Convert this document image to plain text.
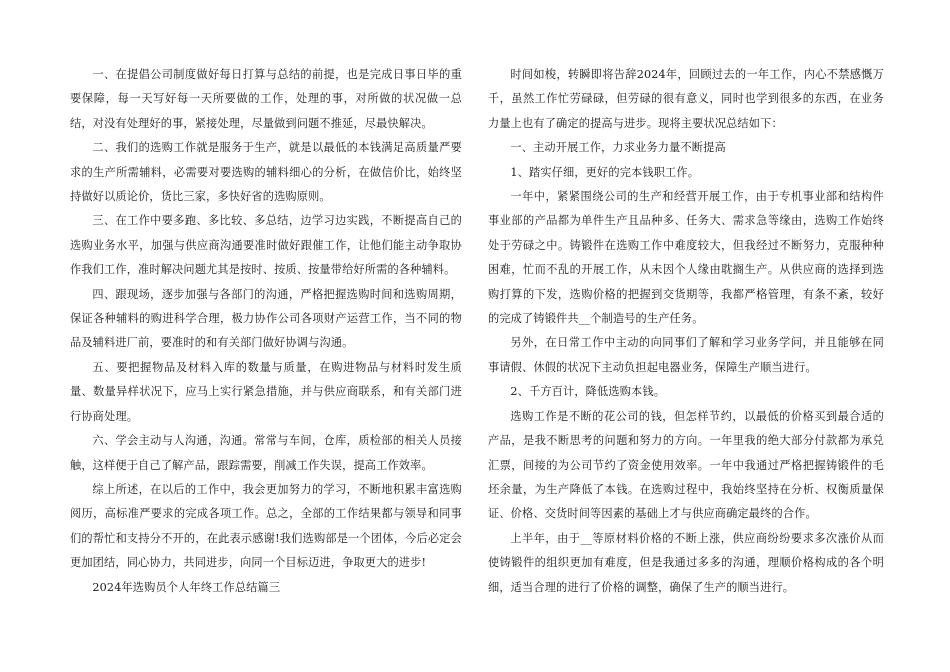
一、在提倡公司制度做好每日打算与总结的前提，也是完成日事日毕的重要保障，每一天写好每一天所要做的工作，处理的事，对所做的状况做一总结，对没有处理好的事，紧接处理，尽量做到问题不推延，尽最快解决。

二、我们的选购工作就是服务于生产，就是以最低的本钱满足高质量严要求的生产所需辅料，必需要对要选购的辅料细心的分析，在做信价比，始终坚持做好以质论价，货比三家，多快好省的选购原则。

三、在工作中要多跑、多比较、多总结，边学习边实践，不断提高自己的选购业务水平，加强与供应商沟通要准时做好跟催工作，让他们能主动争取协作我们工作，准时解决问题尤其是按时、按质、按量带给好所需的各种辅料。

四、跟现场，逐步加强与各部门的沟通，严格把握选购时间和选购周期，保证各种辅料的购进科学合理，极力协作公司各项财产运营工作，当不同的物品及辅料进厂前，要准时的和有关部门做好协调与沟通。

五、要把握物品及材料入库的数量与质量，在购进物品与材料时发生质量、数量异样状况下，应马上实行紧急措施，并与供应商联系，和有关部门进行协商处理。

六、学会主动与人沟通，沟通。常常与车间，仓库，质检部的相关人员接触，这样便于自己了解产品，跟踪需要，削减工作失误，提高工作效率。

综上所述，在以后的工作中，我会更加努力的学习，不断地积累丰富选购阅历，高标准严要求的完成各项工作。总之，全部的工作结果都与领导和同事们的帮忙和支持分不开的，在此表示感谢!我们选购部是一个团体，今后必定会更加团结，同心协力，共同进步，向同一个目标迈进，争取更大的进步!

2024年选购员个人年终工作总结篇三

时间如梭，转瞬即将告辞2024年，回顾过去的一年工作，内心不禁感慨万千，虽然工作忙劳碌碌，但劳碌的很有意义，同时也学到很多的东西，在业务力量上也有了确定的提高与进步。现将主要状况总结如下：

一、主动开展工作，力求业务力量不断提高

1、踏实仔细，更好的完本钱职工作。

一年中，紧紧围绕公司的生产和经营开展工作，由于专机事业部和结构件事业部的产品都为单件生产且品种多、任务大、需求急等缘由，选购工作始终处于劳碌之中。铸锻件在选购工作中难度较大，但我经过不断努力，克服种种困难，忙而不乱的开展工作，从未因个人缘由耽搁生产。从供应商的选择到选购打算的下发，选购价格的把握到交货期等，我都严格管理，有条不紊，较好的完成了铸锻件共__个制造号的生产任务。

另外，在日常工作中主动的向同事们了解和学习业务学问，并且能够在同事请假、休假的状况下主动负担起电器业务，保障生产顺当进行。

2、千方百计，降低选购本钱。

选购工作是不断的花公司的钱，但怎样节约，以最低的价格买到最合适的产品，是我不断思考的问题和努力的方向。一年里我的绝大部分付款都为承兑汇票，间接的为公司节约了资金使用效率。一年中我通过严格把握铸锻件的毛坯余量，为生产降低了本钱。在选购过程中，我始终坚持在分析、权衡质量保证、价格、交货时间等因素的基础上才与供应商确定最终的合作。

上半年，由于__等原材料价格的不断上涨，供应商纷纷要求多次涨价从而使铸锻件的组织更加有难度，但是我通过多多的沟通，理顺价格构成的各个明细，适当合理的进行了价格的调整，确保了生产的顺当进行。
